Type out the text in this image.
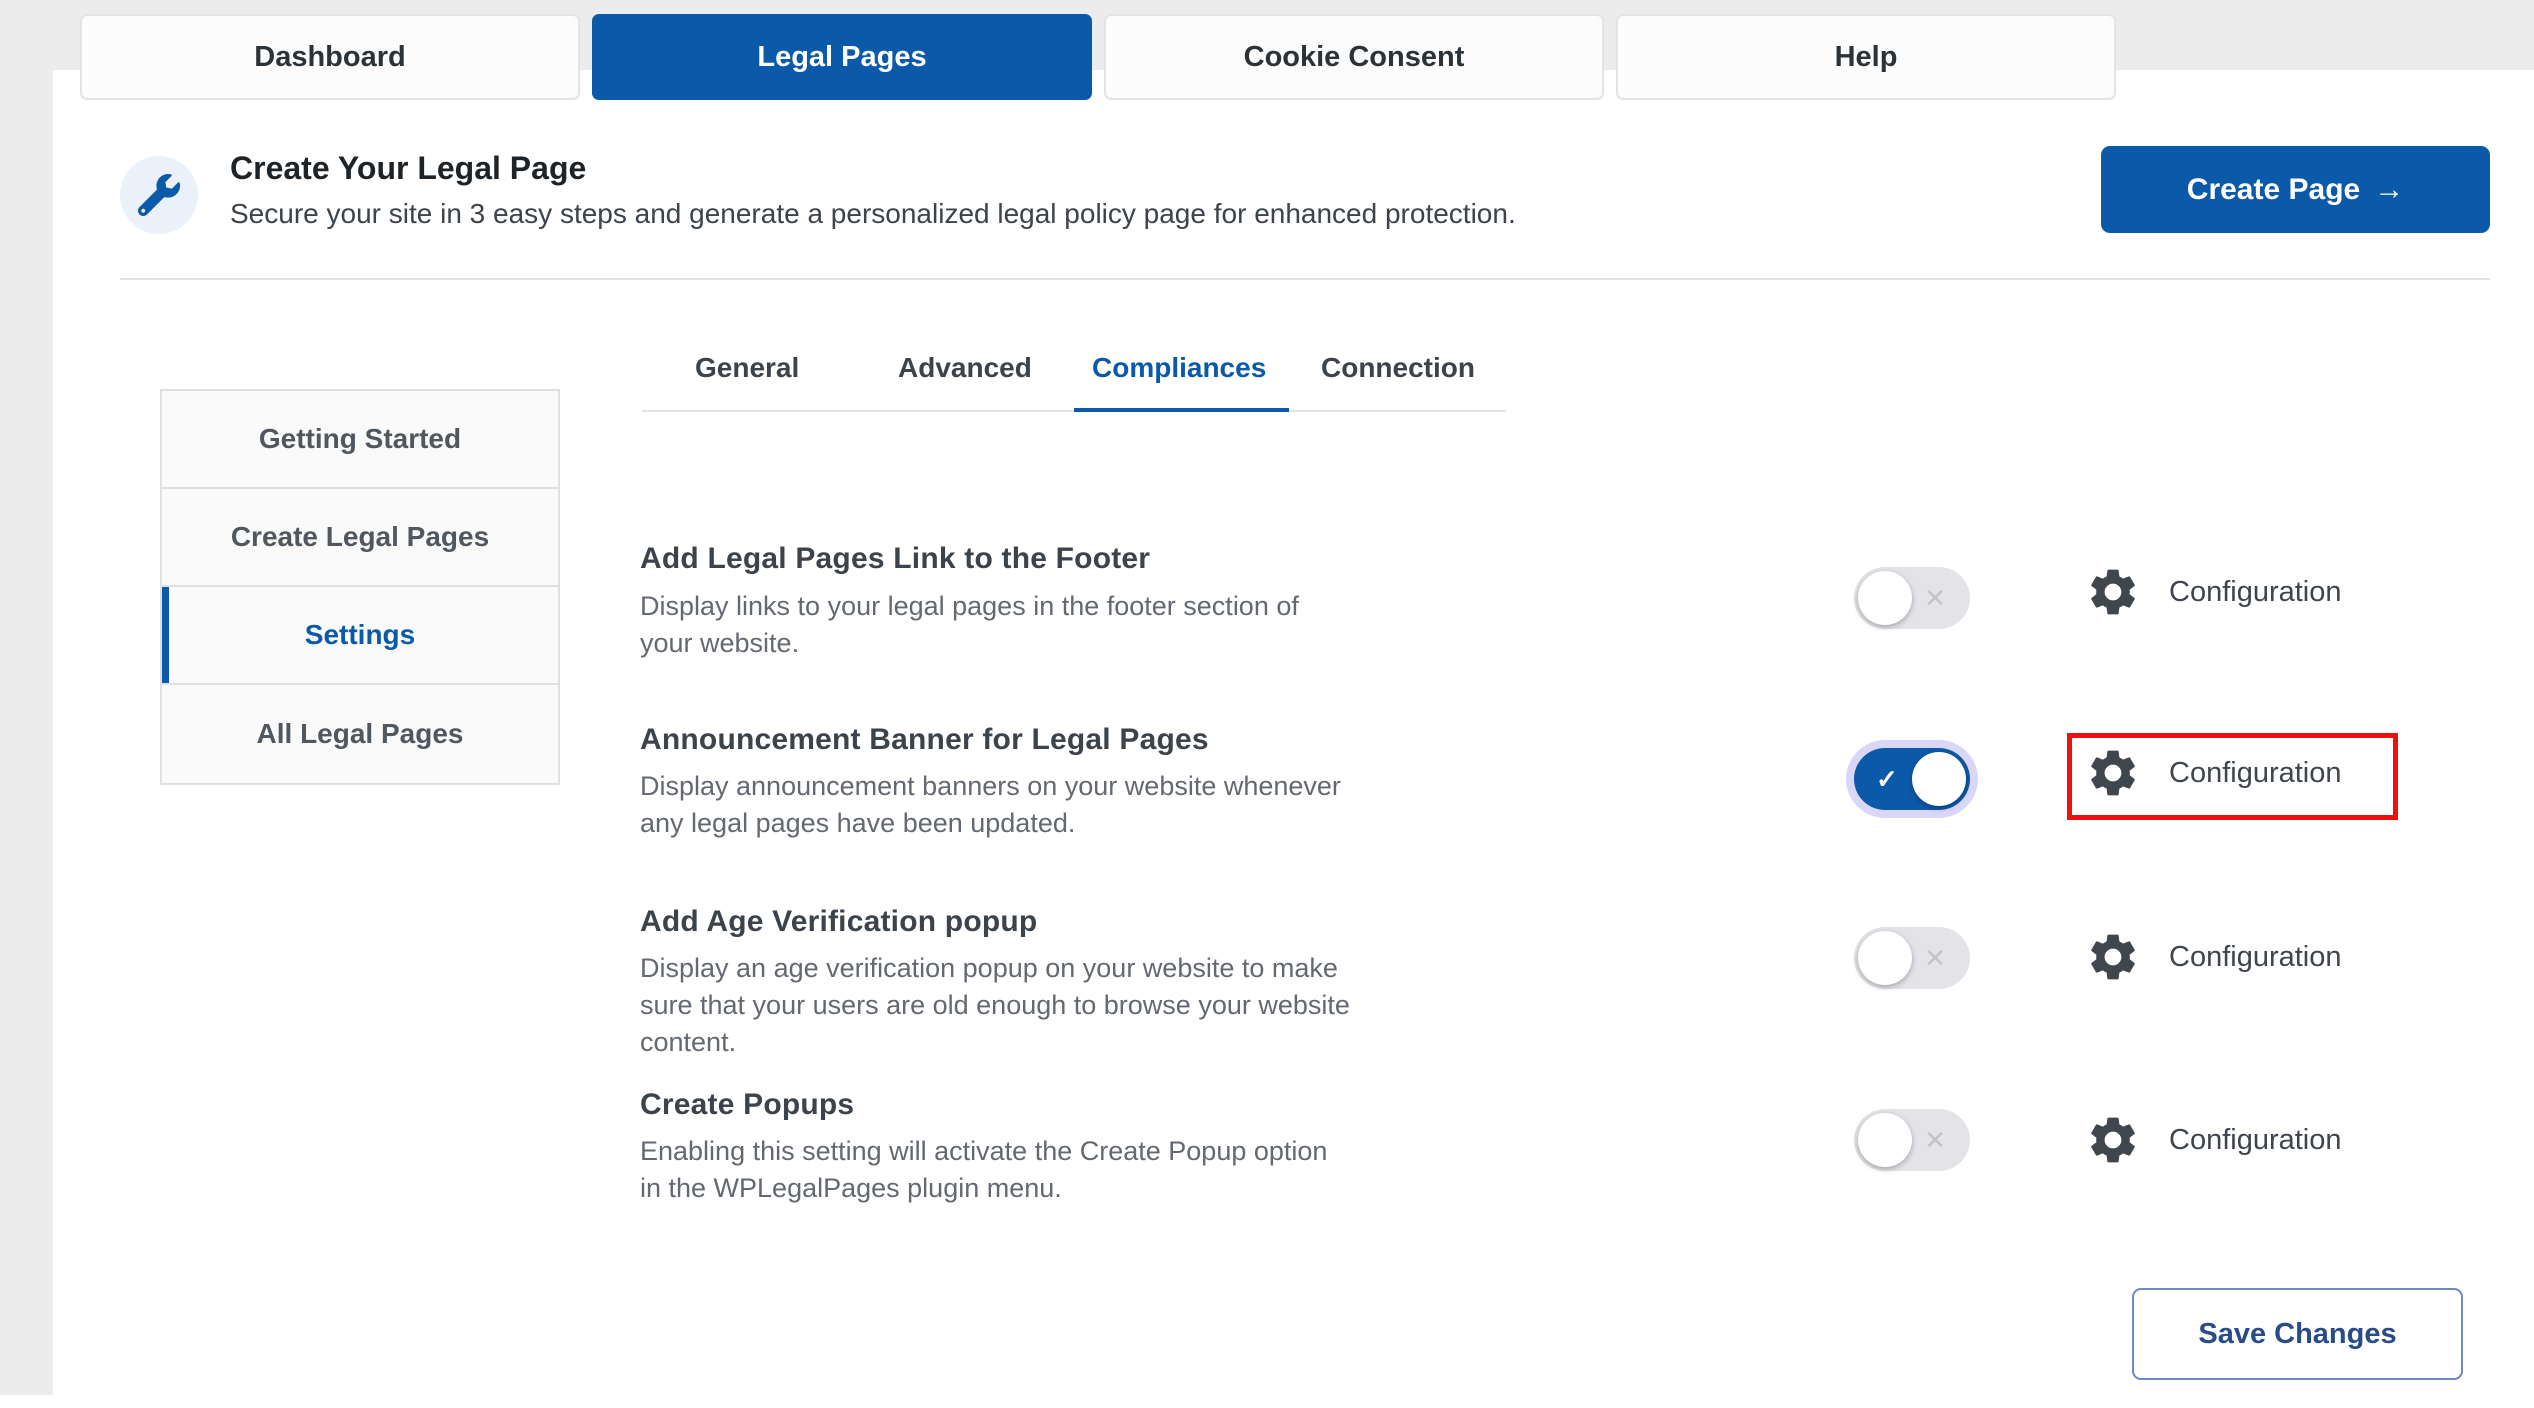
Dashboard	Legal Pages	Cookie Consent	Help
Create Your Legal Page
Secure your site in 3 easy steps and generate a personalized legal policy page for enhanced protection.
Create Page →
Getting Started
Create Legal Pages
Settings
All Legal Pages
General	Advanced Compliances Connection
Add Legal Pages Link to the Footer
Display links to your legal pages in the footer section of
your website.
✕	Configuration
Announcement Banner for Legal Pages
Display announcement banners on your website whenever
any legal pages have been updated.
✓	Configuration
Add Age Verification popup
Display an age verification popup on your website to make
sure that your users are old enough to browse your website
content.
✕	Configuration
Create Popups
Enabling this setting will activate the Create Popup option
in the WPLegalPages plugin menu.
✕	Configuration
Save Changes
